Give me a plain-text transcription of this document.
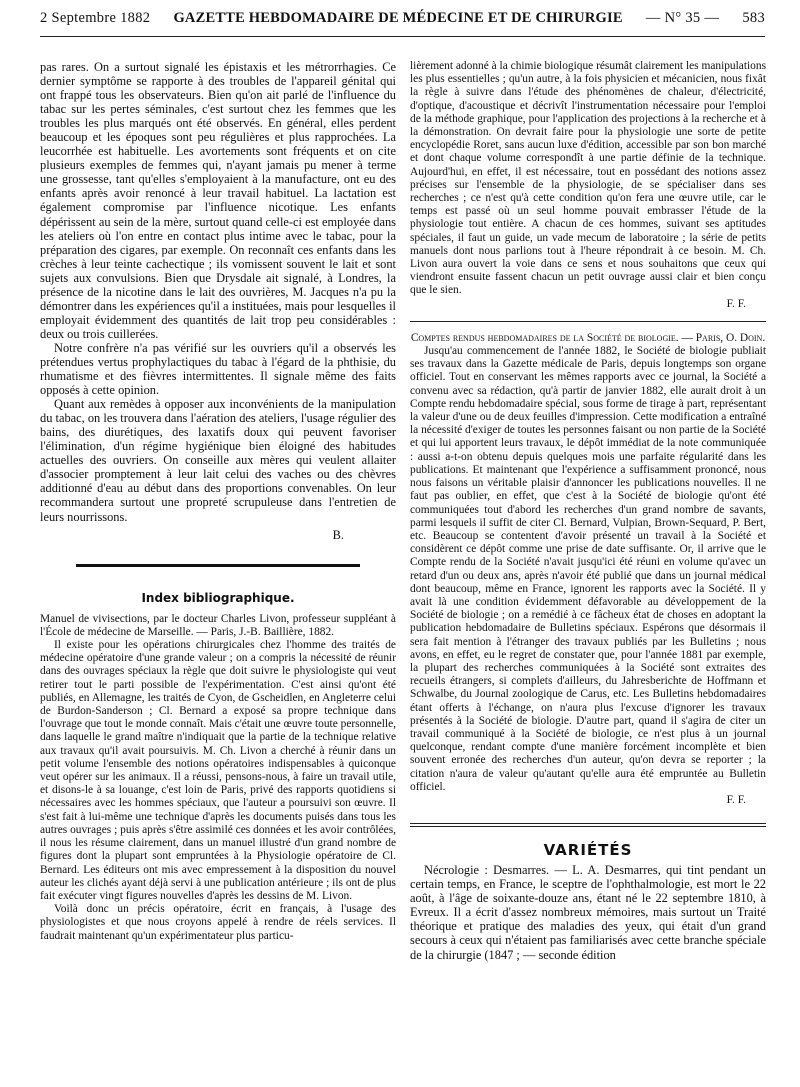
2 Septembre 1882 GAZETTE HEBDOMADAIRE DE MÉDECINE ET DE CHIRURGIE — N° 35 — 583

pas rares. On a surtout signalé les épistaxis et les métrorrhagies. Ce dernier symptôme se rapporte à des troubles de l'appareil génital qui ont frappé tous les observateurs. Bien qu'on ait parlé de l'influence du tabac sur les pertes séminales, c'est surtout chez les femmes que les troubles les plus marqués ont été observés. En général, elles perdent beaucoup et les époques sont peu régulières et plus rapprochées. La leucorrhée est habituelle. Les avortements sont fréquents et on cite plusieurs exemples de femmes qui, n'ayant jamais pu mener à terme une grossesse, tant qu'elles s'employaient à la manufacture, ont eu des enfants après avoir renoncé à leur travail habituel. La lactation est également compromise par l'influence nicotique. Les enfants dépérissent au sein de la mère, surtout quand celle-ci est employée dans les ateliers où l'on entre en contact plus intime avec le tabac, pour la préparation des cigares, par exemple. On reconnaît ces enfants dans les crèches à leur teinte cachectique ; ils vomissent souvent le lait et sont sujets aux convulsions. Bien que Drysdale ait signalé, à Londres, la présence de la nicotine dans le lait des ouvrières, M. Jacques n'a pu la démontrer dans les expériences qu'il a instituées, mais pour lesquelles il employait évidemment des quantités de lait trop peu considérables : deux ou trois cuillerées.

Notre confrère n'a pas vérifié sur les ouvriers qu'il a observés les prétendues vertus prophylactiques du tabac à l'égard de la phthisie, du rhumatisme et des fièvres intermittentes. Il signale même des faits opposés à cette opinion.

Quant aux remèdes à opposer aux inconvénients de la manipulation du tabac, on les trouvera dans l'aération des ateliers, l'usage régulier des bains, des diurétiques, des laxatifs doux qui peuvent favoriser l'élimination, d'un régime hygiénique bien éloigné des habitudes actuelles des ouvriers. On conseille aux mères qui veulent allaiter d'associer promptement à leur lait celui des vaches ou des chèvres additionné d'eau au début dans des proportions convenables. On leur recommandera surtout une propreté scrupuleuse dans l'entretien de leurs nourrissons.

B.

Index bibliographique.

Manuel de vivisections, par le docteur Charles Livon, professeur suppléant à l'École de médecine de Marseille. — Paris, J.-B. Baillière, 1882.

Il existe pour les opérations chirurgicales chez l'homme des traités de médecine opératoire d'une grande valeur ; on a compris la nécessité de réunir dans des ouvrages spéciaux la règle que doit suivre le physiologiste qui veut retirer tout le parti possible de l'expérimentation. C'est ainsi qu'ont été publiés, en Allemagne, les traités de Cyon, de Gscheidlen, en Angleterre celui de Burdon-Sanderson ; Cl. Bernard a exposé sa propre technique dans l'ouvrage que tout le monde connaît. Mais c'était une œuvre toute personnelle, dans laquelle le grand maître n'indiquait que la partie de la technique relative aux travaux qu'il avait poursuivis. M. Ch. Livon a cherché à réunir dans un petit volume l'ensemble des notions opératoires indispensables à quiconque veut opérer sur les animaux. Il a réussi, pensons-nous, à faire un travail utile, et disons-le à sa louange, c'est loin de Paris, privé des rapports quotidiens si nécessaires avec les hommes spéciaux, que l'auteur a poursuivi son œuvre. Il s'est fait à lui-même une technique d'après les documents puisés dans tous les autres ouvrages ; puis après s'être assimilé ces données et les avoir contrôlées, il nous les résume clairement, dans un manuel illustré d'un grand nombre de figures dont la plupart sont empruntées à la Physiologie opératoire de Cl. Bernard. Les éditeurs ont mis avec empressement à la disposition du nouvel auteur les clichés ayant déjà servi à une publication antérieure ; ils ont de plus fait exécuter vingt figures nouvelles d'après les dessins de M. Livon.

Voilà donc un précis opératoire, écrit en français, à l'usage des physiologistes et que nous croyons appelé à rendre de réels services. Il faudrait maintenant qu'un expérimentateur plus particu-

lièrement adonné à la chimie biologique résumât clairement les manipulations les plus essentielles ; qu'un autre, à la fois physicien et mécanicien, nous fixât la règle à suivre dans l'étude des phénomènes de chaleur, d'électricité, d'optique, d'acoustique et décrivît l'instrumentation nécessaire pour l'emploi de la méthode graphique, pour l'application des projections à la recherche et à la démonstration. On devrait faire pour la physiologie une sorte de petite encyclopédie Roret, sans aucun luxe d'édition, accessible par son bon marché et dont chaque volume correspondît à une partie définie de la technique. Aujourd'hui, en effet, il est nécessaire, tout en possédant des notions assez précises sur l'ensemble de la physiologie, de se spécialiser dans ses recherches ; ce n'est qu'à cette condition qu'on fera une œuvre utile, car le temps est passé où un seul homme pouvait embrasser l'étude de la physiologie tout entière. A chacun de ces hommes, suivant ses aptitudes spéciales, il faut un guide, un vade mecum de laboratoire ; la série de petits manuels dont nous parlions tout à l'heure répondrait à ce besoin. M. Ch. Livon aura ouvert la voie dans ce sens et nous souhaitons que ceux qui viendront ensuite fassent chacun un petit ouvrage aussi clair et bien conçu que le sien.

F. F.

Comptes rendus hebdomadaires de la Société de biologie. — Paris, O. Doin.

Jusqu'au commencement de l'année 1882, le Société de biologie publiait ses travaux dans la Gazette médicale de Paris, depuis longtemps son organe officiel. Tout en conservant les mêmes rapports avec ce journal, la Société a convenu avec sa rédaction, qu'à partir de janvier 1882, elle aurait droit à un Compte rendu hebdomadaire spécial, sous forme de tirage à part, représentant la valeur d'une ou de deux feuilles d'impression. Cette modification a entraîné la nécessité d'exiger de toutes les personnes faisant ou non partie de la Société et qui lui apportent leurs travaux, le dépôt immédiat de la note communiquée : aussi a-t-on obtenu depuis quelques mois une parfaite régularité dans les publications. Et maintenant que l'expérience a suffisamment prononcé, nous nous faisons un véritable plaisir d'annoncer les publications nouvelles. Il ne faut pas oublier, en effet, que c'est à la Société de biologie qu'ont été communiquées tout d'abord les recherches d'un grand nombre de savants, parmi lesquels il suffit de citer Cl. Bernard, Vulpian, Brown-Sequard, P. Bert, etc. Beaucoup se contentent d'avoir présenté un travail à la Société et considèrent ce dépôt comme une prise de date suffisante. Or, il arrive que le Compte rendu de la Société n'avait jusqu'ici été réuni en volume qu'avec un retard d'un ou deux ans, après n'avoir été publié que dans un journal médical dont beaucoup, même en France, ignorent les rapports avec la Société. Il y avait là une condition évidemment défavorable au développement de la Société de biologie ; on a remédié à ce fâcheux état de choses en adoptant la publication hebdomadaire de Bulletins spéciaux. Espérons que désormais il sera fait mention à l'étranger des travaux publiés par les Bulletins ; nous avons, en effet, eu le regret de constater que, pour l'année 1881 par exemple, la plupart des recherches communiquées à la Société sont extraites des recueils étrangers, si complets d'ailleurs, du Jahresberichte de Hoffmann et Schwalbe, du Journal zoologique de Carus, etc. Les Bulletins hebdomadaires étant offerts à l'échange, on n'aura plus l'excuse d'ignorer les travaux présentés à la Société de biologie. D'autre part, quand il s'agira de citer un travail communiqué à la Société de biologie, ce n'est plus à un journal quelconque, rendant compte d'une manière forcément incomplète et bien souvent erronée des recherches d'un auteur, qu'on devra se reporter ; la citation n'aura de valeur qu'autant qu'elle aura été empruntée au Bulletin officiel.

F. F.

VARIÉTÉS

Nécrologie : Desmarres. — L. A. Desmarres, qui tint pendant un certain temps, en France, le sceptre de l'ophthalmologie, est mort le 22 août, à l'âge de soixante-douze ans, étant né le 22 septembre 1810, à Evreux. Il a écrit d'assez nombreux mémoires, mais surtout un Traité théorique et pratique des maladies des yeux, qui était d'un grand secours à ceux qui n'étaient pas familiarisés avec cette branche spéciale de la chirurgie (1847 ; — seconde édition
